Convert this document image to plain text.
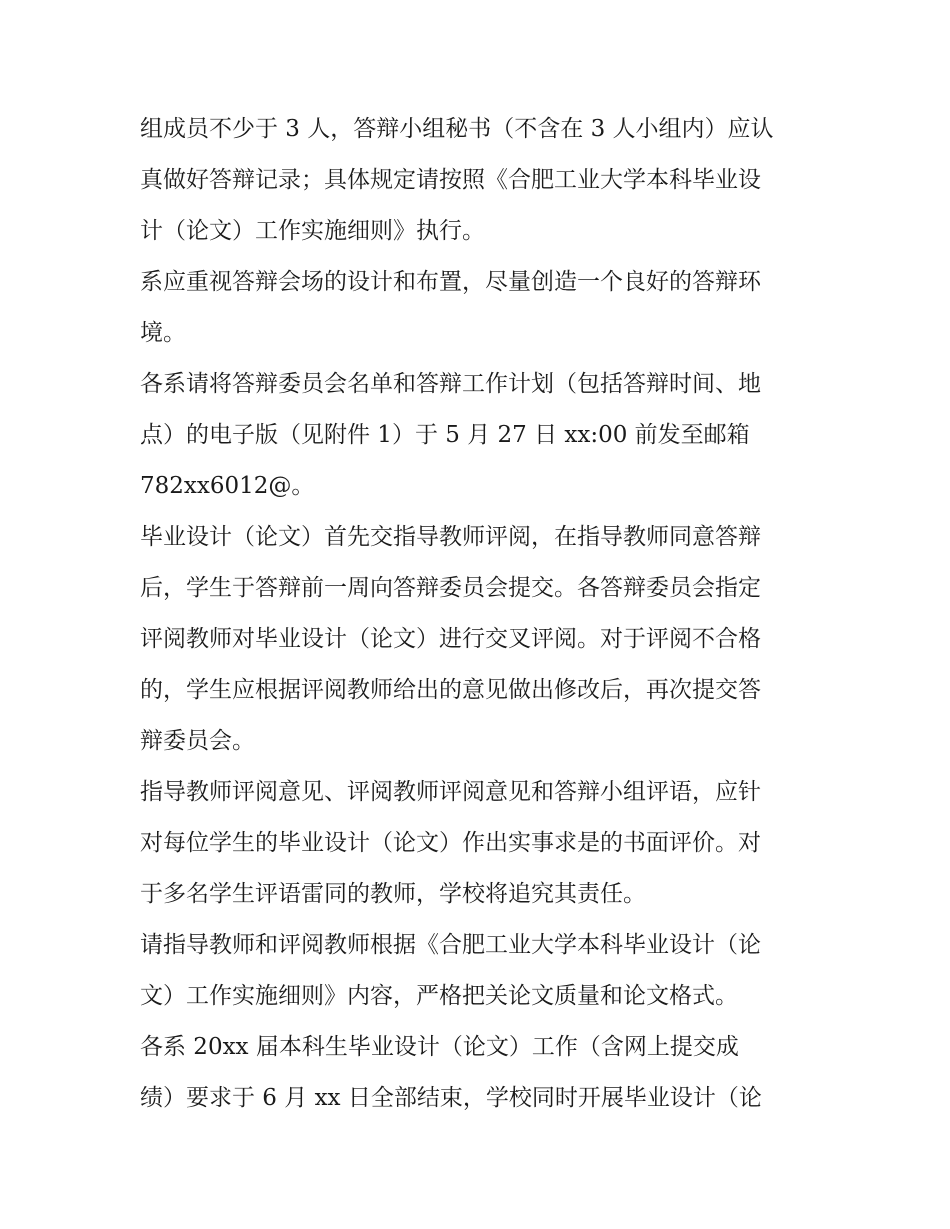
组成员不少于 3 人，答辩小组秘书（不含在 3 人小组内）应认
真做好答辩记录；具体规定请按照《合肥工业大学本科毕业设
计（论文）工作实施细则》执行。
系应重视答辩会场的设计和布置，尽量创造一个良好的答辩环
境。
各系请将答辩委员会名单和答辩工作计划（包括答辩时间、地
点）的电子版（见附件 1）于 5 月 27 日 xx:00 前发至邮箱
782xx6012@。
毕业设计（论文）首先交指导教师评阅，在指导教师同意答辩
后，学生于答辩前一周向答辩委员会提交。各答辩委员会指定
评阅教师对毕业设计（论文）进行交叉评阅。对于评阅不合格
的，学生应根据评阅教师给出的意见做出修改后，再次提交答
辩委员会。
指导教师评阅意见、评阅教师评阅意见和答辩小组评语，应针
对每位学生的毕业设计（论文）作出实事求是的书面评价。对
于多名学生评语雷同的教师，学校将追究其责任。
请指导教师和评阅教师根据《合肥工业大学本科毕业设计（论
文）工作实施细则》内容，严格把关论文质量和论文格式。
各系 20xx 届本科生毕业设计（论文）工作（含网上提交成
绩）要求于 6 月 xx 日全部结束，学校同时开展毕业设计（论
